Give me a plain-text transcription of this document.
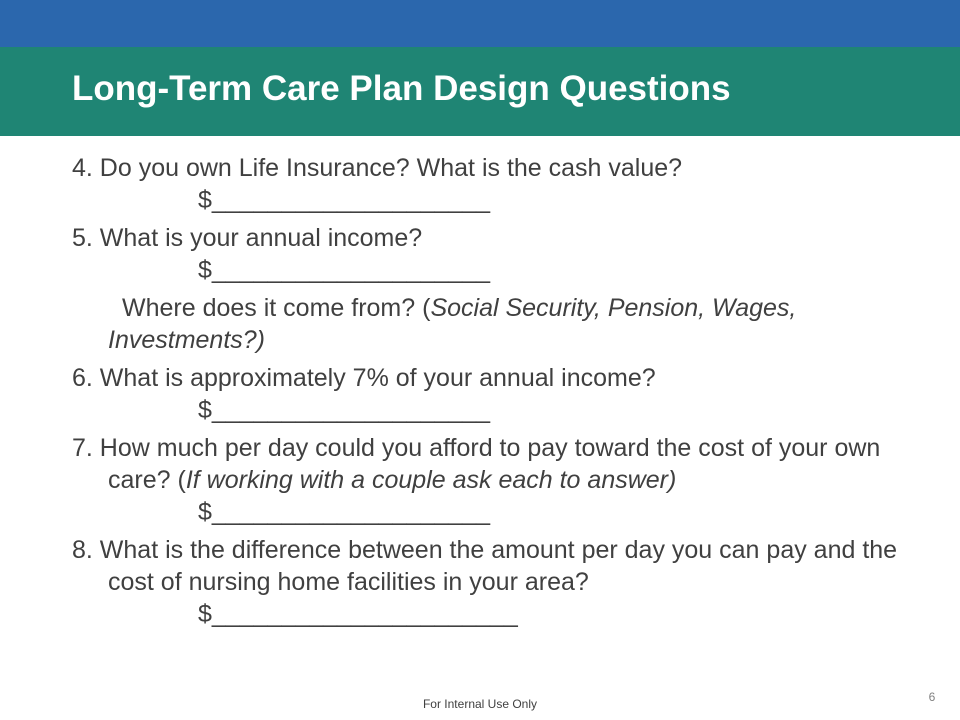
Long-Term Care Plan Design Questions

4. Do you own Life Insurance? What is the cash value?

$____________________

5. What is your annual income?

$____________________

Where does it come from? (Social Security, Pension, Wages, Investments?)

6. What is approximately 7% of your annual income?

$____________________

7. How much per day could you afford to pay toward the cost of your own care? (If working with a couple ask each to answer)

$____________________

8. What is the difference between the amount per day you can pay and the cost of nursing home facilities in your area?

$______________________

For Internal Use Only	6
